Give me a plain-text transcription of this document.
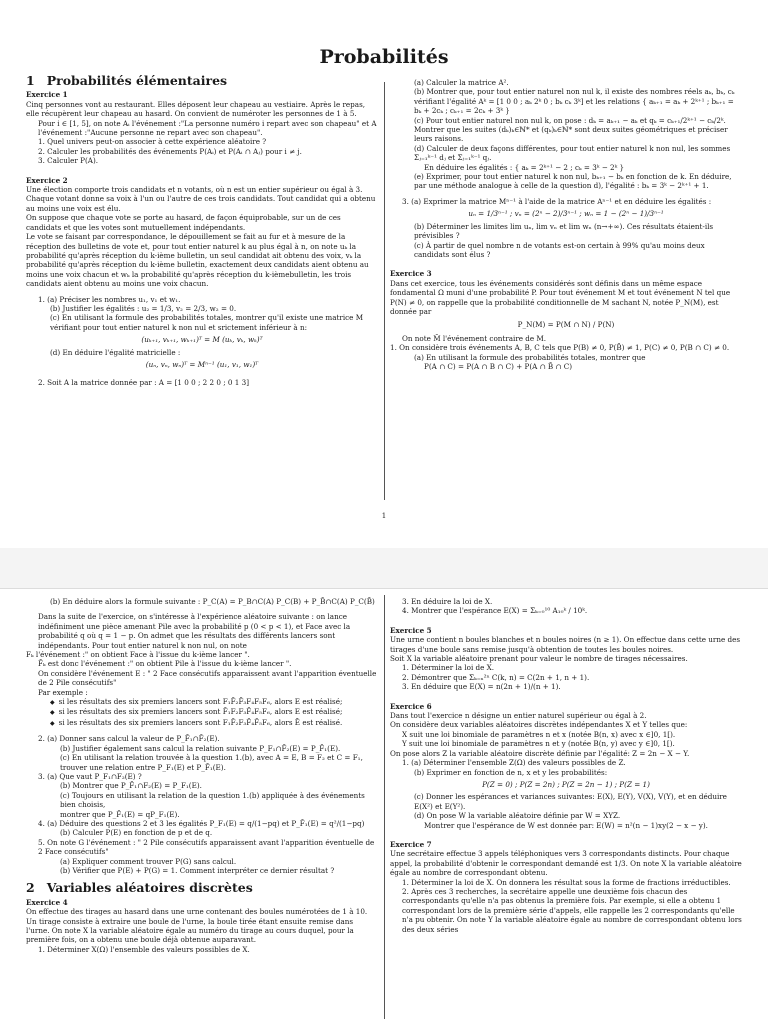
Probabilités
1 Probabilités élémentaires
Exercice 1

Cinq personnes vont au restaurant. Elles déposent leur chapeau au vestiaire. Après le repas, elle récupèrent leur chapeau au hasard. On convient de numéroter les personnes de 1 à 5.

Pour i ∈ [1, 5], on note Aᵢ l'événement :"La personne numéro i repart avec son chapeau" et A l'événement :"Aucune personne ne repart avec son chapeau".

1. Quel univers peut-on associer à cette expérience aléatoire ?

2. Calculer les probabilités des événements P(Aᵢ) et P(Aᵢ ∩ Aⱼ) pour i ≠ j.

3. Calculer P(A).

Exercice 2

Une élection comporte trois candidats et n votants, où n est un entier supérieur ou égal à 3. Chaque votant donne sa voix à l'un ou l'autre de ces trois candidats. Tout candidat qui a obtenu au moins une voix est élu.

On suppose que chaque vote se porte au hasard, de façon équiprobable, sur un de ces candidats et que les votes sont mutuellement indépendants.

Le vote se faisant par correspondance, le dépouillement se fait au fur et à mesure de la réception des bulletins de vote et, pour tout entier naturel k au plus égal à n, on note uₖ la probabilité qu'après réception du k-ième bulletin, un seul candidat ait obtenu des voix, vₖ la probabilité qu'après réception du k-ième bulletin, exactement deux candidats aient obtenu au moins une voix chacun et wₖ la probabilité qu'après réception du k-ièmebulletin, les trois candidats aient obtenu au moins une voix chacun.

1. (a) Préciser les nombres u₁, v₁ et w₁.

(b) Justifier les égalités : u₂ = 1/3, v₂ = 2/3, w₂ = 0.

(c) En utilisant la formule des probabilités totales, montrer qu'il existe une matrice M vérifiant pour tout entier naturel k non nul et srictement inférieur à n:

(uₖ₊₁, vₖ₊₁, wₖ₊₁)ᵀ = M (uₖ, vₖ, wₖ)ᵀ

(d) En déduire l'égalité matricielle :

(uₙ, vₙ, wₙ)ᵀ = Mⁿ⁻¹ (u₁, v₁, w₁)ᵀ

2. Soit A la matrice donnée par : A = [1 0 0 ; 2 2 0 ; 0 1 3]

(a) Calculer la matrice A².

(b) Montrer que, pour tout entier naturel non nul k, il existe des nombres réels aₖ, bₖ, cₖ vérifiant l'égalité Aᵏ = [1 0 0 ; aₖ 2ᵏ 0 ; bₖ cₖ 3ᵏ] et les relations { aₖ₊₁ = aₖ + 2ᵏ⁺¹ ; bₖ₊₁ = bₖ + 2cₖ ; cₖ₊₁ = 2cₖ + 3ᵏ }

(c) Pour tout entier naturel non nul k, on pose : dₖ = aₖ₊₁ − aₖ et qₖ = cₖ₊₁/2ᵏ⁺¹ − cₖ/2ᵏ. Montrer que les suites (dₖ)ₖ∈ℕ* et (qₖ)ₖ∈ℕ* sont deux suites géométriques et préciser leurs raisons.

(d) Calculer de deux façons différentes, pour tout entier naturel k non nul, les sommes Σⱼ₌₁ᵏ⁻¹ dⱼ et Σⱼ₌₁ᵏ⁻¹ qⱼ.

En déduire les égalités : { aₖ = 2ᵏ⁺¹ − 2 ; cₖ = 3ᵏ − 2ᵏ }

(e) Exprimer, pour tout entier naturel k non nul, bₖ₊₁ − bₖ en fonction de k. En déduire, par une méthode analogue à celle de la question d), l'égalité : bₖ = 3ᵏ − 2ᵏ⁺¹ + 1.

3. (a) Exprimer la matrice Mⁿ⁻¹ à l'aide de la matrice Aⁿ⁻¹ et en déduire les égalités :

uₙ = 1/3ⁿ⁻¹ ; vₙ = (2ⁿ − 2)/3ⁿ⁻¹ ; wₙ = 1 − (2ⁿ − 1)/3ⁿ⁻¹

(b) Déterminer les limites lim uₙ, lim vₙ et lim wₙ (n→+∞). Ces résultats étaient-ils prévisibles ?

(c) À partir de quel nombre n de votants est-on certain à 99% qu'au moins deux candidats sont élus ?

Exercice 3

Dans cet exercice, tous les événements considérés sont définis dans un même espace fondamental Ω muni d'une probabilité P. Pour tout événement M et tout événement N tel que P(N) ≠ 0, on rappelle que la probabilité conditionnelle de M sachant N, notée P_N(M), est donnée par

P_N(M) = P(M ∩ N) / P(N)

On note M̄ l'événement contraire de M.

1. On considère trois événements A, B, C tels que P(B) ≠ 0, P(B̄) ≠ 1, P(C) ≠ 0, P(B ∩ C) ≠ 0.

(a) En utilisant la formule des probabilités totales, montrer que

P(A ∩ C) = P(A ∩ B ∩ C) + P(A ∩ B̄ ∩ C)

1

(b) En déduire alors la formule suivante : P_C(A) = P_B∩C(A) P_C(B) + P_B̄∩C(A) P_C(B̄)

Dans la suite de l'exercice, on s'intéresse à l'expérience aléatoire suivante : on lance indéfiniment une pièce amenant Pile avec la probabilité p (0 < p < 1), et Face avec la probabilité q où q = 1 − p. On admet que les résultats des différents lancers sont indépendants. Pour tout entier naturel k non nul, on note

Fₖ l'événement :" on obtient Face à l'issue du k-ième lancer ".

F̄ₖ est donc l'événement :" on obtient Pile à l'issue du k-ième lancer ".

On considère l'événement E : " 2 Face consécutifs apparaissent avant l'apparition éventuelle de 2 Pile consécutifs"

Par exemple :

◆ si les résultats des six premiers lancers sont F₁F̄₂F̄₃F₄F₅F₆, alors E est réalisé;

◆ si les résultats des six premiers lancers sont F̄₁F₂F₃F̄₄F₅F₆, alors E est réalisé;

◆ si les résultats des six premiers lancers sont F₁F̄₂F₃F̄₄F̄₅F₆, alors Ē est réalisé.

2. (a) Donner sans calcul la valeur de P_F̄₁∩F̄₂(E).

(b) Justifier également sans calcul la relation suivante P_F₁∩F̄₂(E) = P_F̄₁(E).

(c) En utilisant la relation trouvée à la question 1.(b), avec A = E, B = F₂ et C = F₁, trouver une relation entre P_F₁(E) et P_F̄₁(E).

3. (a) Que vaut P_F₁∩F₂(E) ?

(b) Montrer que P_F̄₁∩F₂(E) = P_F₁(E).

(c) Toujours en utilisant la relation de la question 1.(b) appliquée à des événements bien choisis,

montrer que P_F̄₁(E) = qP_F₁(E).

4. (a) Déduire des questions 2 et 3 les égalités P_F₁(E) = q/(1−pq) et P_F̄₁(E) = q²/(1−pq)

(b) Calculer P(E) en fonction de p et de q.

5. On note G l'événement : " 2 Pile consécutifs apparaissent avant l'apparition éventuelle de 2 Face consécutifs"

(a) Expliquer comment trouver P(G) sans calcul.

(b) Vérifier que P(E) + P(G) = 1. Comment interpréter ce dernier résultat ?

2 Variables aléatoires discrètes
Exercice 4

On effectue des tirages au hasard dans une urne contenant des boules numérotées de 1 à 10. Un tirage consiste à extraire une boule de l'urne, la boule tirée étant ensuite remise dans l'urne. On note X la variable aléatoire égale au numéro du tirage au cours duquel, pour la première fois, on a obtenu une boule déjà obtenue auparavant.

1. Déterminer X(Ω) l'ensemble des valeurs possibles de X.

3. En déduire la loi de X.

4. Montrer que l'espérance E(X) = Σₖ₌₀¹⁰ A₁₀ᵏ / 10ᵏ.

Exercice 5

Une urne contient n boules blanches et n boules noires (n ≥ 1). On effectue dans cette urne des tirages d'une boule sans remise jusqu'à obtention de toutes les boules noires.

Soit X la variable aléatoire prenant pour valeur le nombre de tirages nécessaires.

1. Déterminer la loi de X.

2. Démontrer que Σₖ₌ₙ²ⁿ C(k, n) = C(2n + 1, n + 1).

3. En déduire que E(X) = n(2n + 1)/(n + 1).

Exercice 6

Dans tout l'exercice n désigne un entier naturel supérieur ou égal à 2.

On considère deux variables aléatoires discrètes indépendantes X et Y telles que:

X suit une loi binomiale de paramètres n et x (notée B(n, x) avec x ∈]0, 1[).

Y suit une loi binomiale de paramètres n et y (notée B(n, y) avec y ∈]0, 1[).

On pose alors Z la variable aléatoire discrète définie par l'égalité: Z = 2n − X − Y.

1. (a) Déterminer l'ensemble Z(Ω) des valeurs possibles de Z.

(b) Exprimer en fonction de n, x et y les probabilités:

P(Z = 0) ; P(Z = 2n) ; P(Z = 2n − 1) ; P(Z = 1)

(c) Donner les espérances et variances suivantes: E(X), E(Y), V(X), V(Y), et en déduire E(X²) et E(Y²).

(d) On pose W la variable aléatoire définie par W = XYZ.

Montrer que l'espérance de W est donnée par: E(W) = n²(n − 1)xy(2 − x − y).

Exercice 7

Une secrétaire effectue 3 appels téléphoniques vers 3 correspondants distincts. Pour chaque appel, la probabilité d'obtenir le correspondant demandé est 1/3. On note X la variable aléatoire égale au nombre de correspondant obtenu.

1. Déterminer la loi de X. On donnera les résultat sous la forme de fractions irréductibles.

2. Après ces 3 recherches, la secrétaire appelle une deuxième fois chacun des correspondants qu'elle n'a pas obtenus la première fois. Par exemple, si elle a obtenu 1 correspondant lors de la première série d'appels, elle rappelle les 2 correspondants qu'elle n'a pu obtenir. On note Y la variable aléatoire égale au nombre de correspondant obtenu lors des deux séries
